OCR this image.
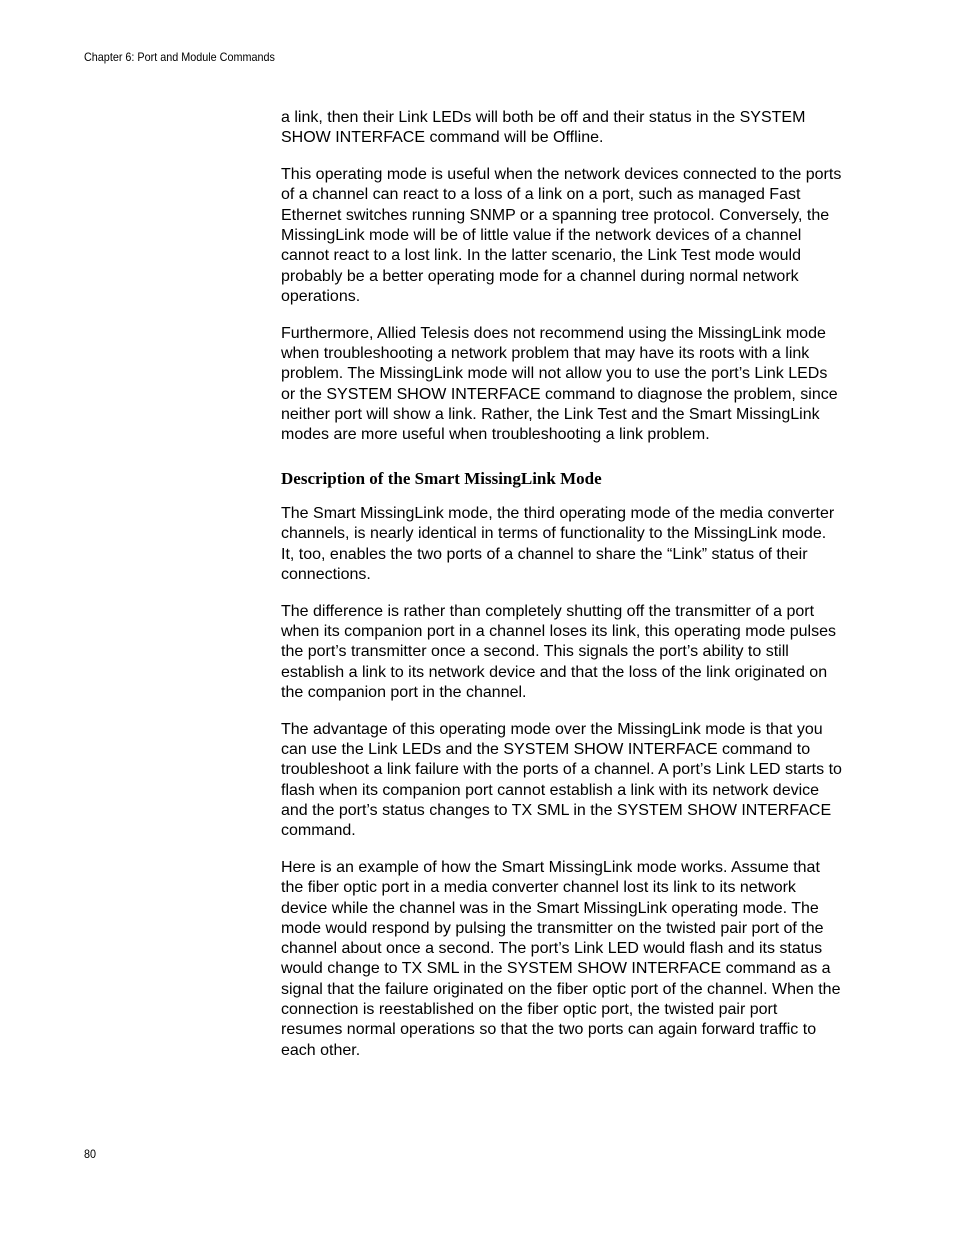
Chapter 6: Port and Module Commands

a link, then their Link LEDs will both be off and their status in the SYSTEM SHOW INTERFACE command will be Offline.

This operating mode is useful when the network devices connected to the ports of a channel can react to a loss of a link on a port, such as managed Fast Ethernet switches running SNMP or a spanning tree protocol. Conversely, the MissingLink mode will be of little value if the network devices of a channel cannot react to a lost link. In the latter scenario, the Link Test mode would probably be a better operating mode for a channel during normal network operations.

Furthermore, Allied Telesis does not recommend using the MissingLink mode when troubleshooting a network problem that may have its roots with a link problem. The MissingLink mode will not allow you to use the port’s Link LEDs or the SYSTEM SHOW INTERFACE command to diagnose the problem, since neither port will show a link. Rather, the Link Test and the Smart MissingLink modes are more useful when troubleshooting a link problem.

Description of the Smart MissingLink Mode

The Smart MissingLink mode, the third operating mode of the media converter channels, is nearly identical in terms of functionality to the MissingLink mode. It, too, enables the two ports of a channel to share the “Link” status of their connections.

The difference is rather than completely shutting off the transmitter of a port when its companion port in a channel loses its link, this operating mode pulses the port’s transmitter once a second. This signals the port’s ability to still establish a link to its network device and that the loss of the link originated on the companion port in the channel.

The advantage of this operating mode over the MissingLink mode is that you can use the Link LEDs and the SYSTEM SHOW INTERFACE command to troubleshoot a link failure with the ports of a channel. A port’s Link LED starts to flash when its companion port cannot establish a link with its network device and the port’s status changes to TX SML in the SYSTEM SHOW INTERFACE command.

Here is an example of how the Smart MissingLink mode works. Assume that the fiber optic port in a media converter channel lost its link to its network device while the channel was in the Smart MissingLink operating mode. The mode would respond by pulsing the transmitter on the twisted pair port of the channel about once a second. The port’s Link LED would flash and its status would change to TX SML in the SYSTEM SHOW INTERFACE command as a signal that the failure originated on the fiber optic port of the channel. When the connection is reestablished on the fiber optic port, the twisted pair port resumes normal operations so that the two ports can again forward traffic to each other.

80
